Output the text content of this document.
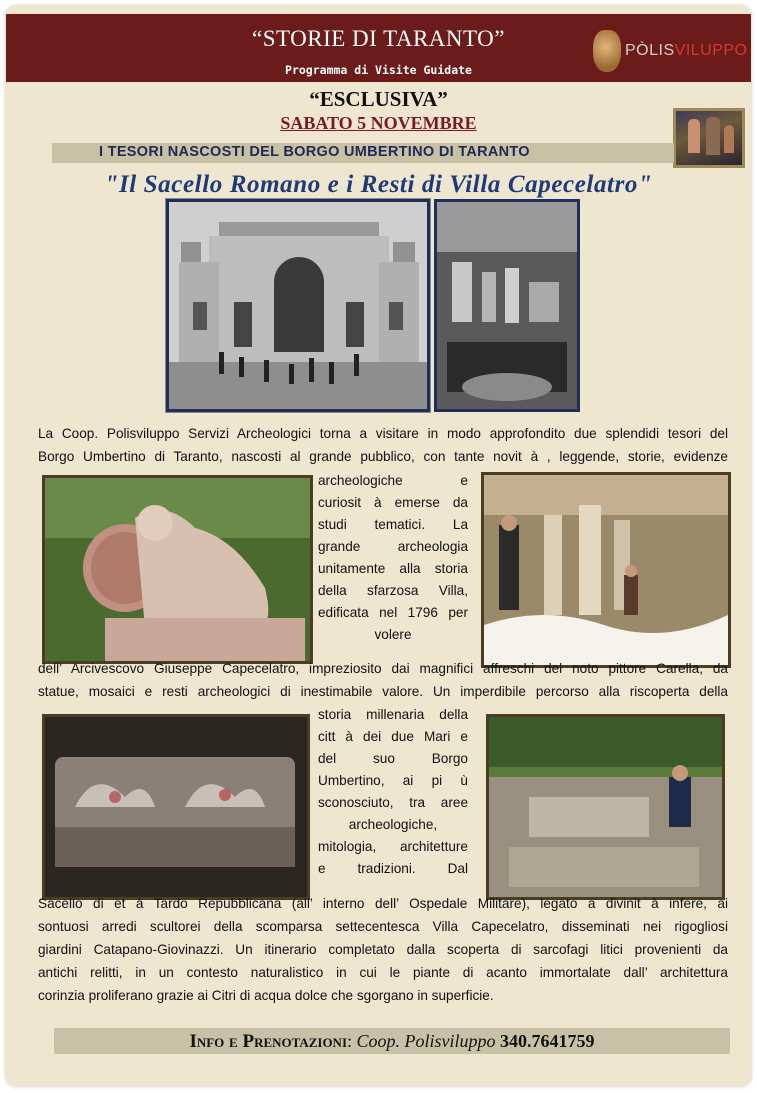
“STORIE DI TARANTO”
Programma di Visite Guidate
PÒLISVILUPPO
“ESCLUSIVA”
SABATO 5 NOVEMBRE
I TESORI NASCOSTI DEL BORGO UMBERTINO DI TARANTO
"Il Sacello Romano e i Resti di Villa Capecelatro"
La Coop. Polisviluppo Servizi Archeologici torna a visitare in modo approfondito due splendidi tesori del
Borgo Umbertino di Taranto, nascosti al grande pubblico, con tante novit à , leggende, storie, evidenze
archeologiche e
curiosit à emerse da
studi tematici. La
grande archeologia
unitamente alla storia
della sfarzosa Villa,
edificata nel 1796 per
volere
dell’ Arcivescovo Giuseppe Capecelatro, impreziosito dai magnifici affreschi del noto pittore Carella, da
statue, mosaici e resti archeologici di inestimabile valore. Un imperdibile percorso alla riscoperta della
storia millenaria della
citt à dei due Mari e
del suo Borgo
Umbertino, ai pi ù
sconosciuto, tra aree
archeologiche,
mitologia, architetture
e tradizioni. Dal
Sacello di et à Tardo Repubblicana (all’ interno dell’ Ospedale Militare), legato a divinit à infere, ai
sontuosi arredi scultorei della scomparsa settecentesca Villa Capecelatro, disseminati nei rigogliosi
giardini Catapano-Giovinazzi. Un itinerario completato dalla scoperta di sarcofagi litici provenienti da
antichi relitti, in un contesto naturalistico in cui le piante di acanto immortalate dall’ architettura
corinzia proliferano grazie ai Citri di acqua dolce che sgorgano in superficie.
Info e Prenotazioni: Coop. Polisviluppo 340.7641759
